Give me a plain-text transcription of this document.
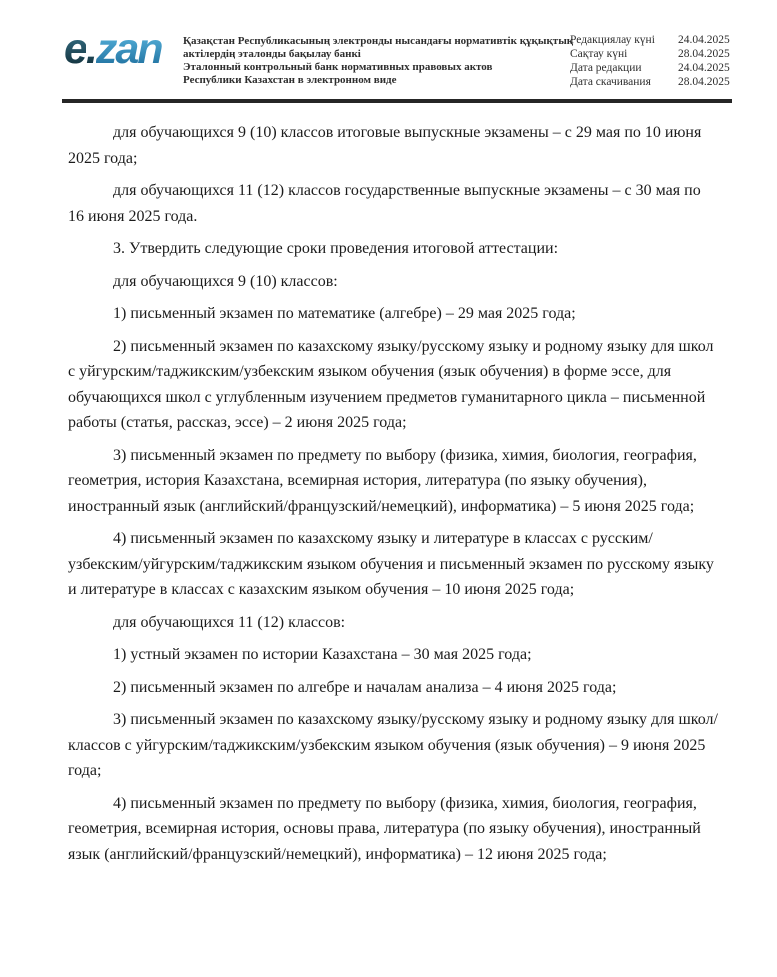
e.zan Қазақстан Республикасының электронды нысандағы нормативтік құқықтық
актілердің эталонды бақылау банкі
Эталонный контрольный банк нормативных правовых актов
Республики Казахстан в электронном виде
Редакциялау күні	24.04.2025
Сақтау күні	28.04.2025
Дата редакции	24.04.2025
Дата скачивания	28.04.2025

для обучающихся 9 (10) классов итоговые выпускные экзамены – с 29 мая по 10 июня 2025 года;

для обучающихся 11 (12) классов государственные выпускные экзамены – с 30 мая по 16 июня 2025 года.

3. Утвердить следующие сроки проведения итоговой аттестации:

для обучающихся 9 (10) классов:

1) письменный экзамен по математике (алгебре) – 29 мая 2025 года;

2) письменный экзамен по казахскому языку/русскому языку и родному языку для школ с уйгурским/таджикским/узбекским языком обучения (язык обучения) в форме эссе, для обучающихся школ с углубленным изучением предметов гуманитарного цикла – письменной работы (статья, рассказ, эссе) – 2 июня 2025 года;

3) письменный экзамен по предмету по выбору (физика, химия, биология, география, геометрия, история Казахстана, всемирная история, литература (по языку обучения), иностранный язык (английский/французский/немецкий), информатика) – 5 июня 2025 года;

4) письменный экзамен по казахскому языку и литературе в классах с русским/узбекским/уйгурским/таджикским языком обучения и письменный экзамен по русскому языку и литературе в классах с казахским языком обучения – 10 июня 2025 года;

для обучающихся 11 (12) классов:

1) устный экзамен по истории Казахстана – 30 мая 2025 года;

2) письменный экзамен по алгебре и началам анализа – 4 июня 2025 года;

3) письменный экзамен по казахскому языку/русскому языку и родному языку для школ/классов с уйгурским/таджикским/узбекским языком обучения (язык обучения) – 9 июня 2025 года;

4) письменный экзамен по предмету по выбору (физика, химия, биология, география, геометрия, всемирная история, основы права, литература (по языку обучения), иностранный язык (английский/французский/немецкий), информатика) – 12 июня 2025 года;
